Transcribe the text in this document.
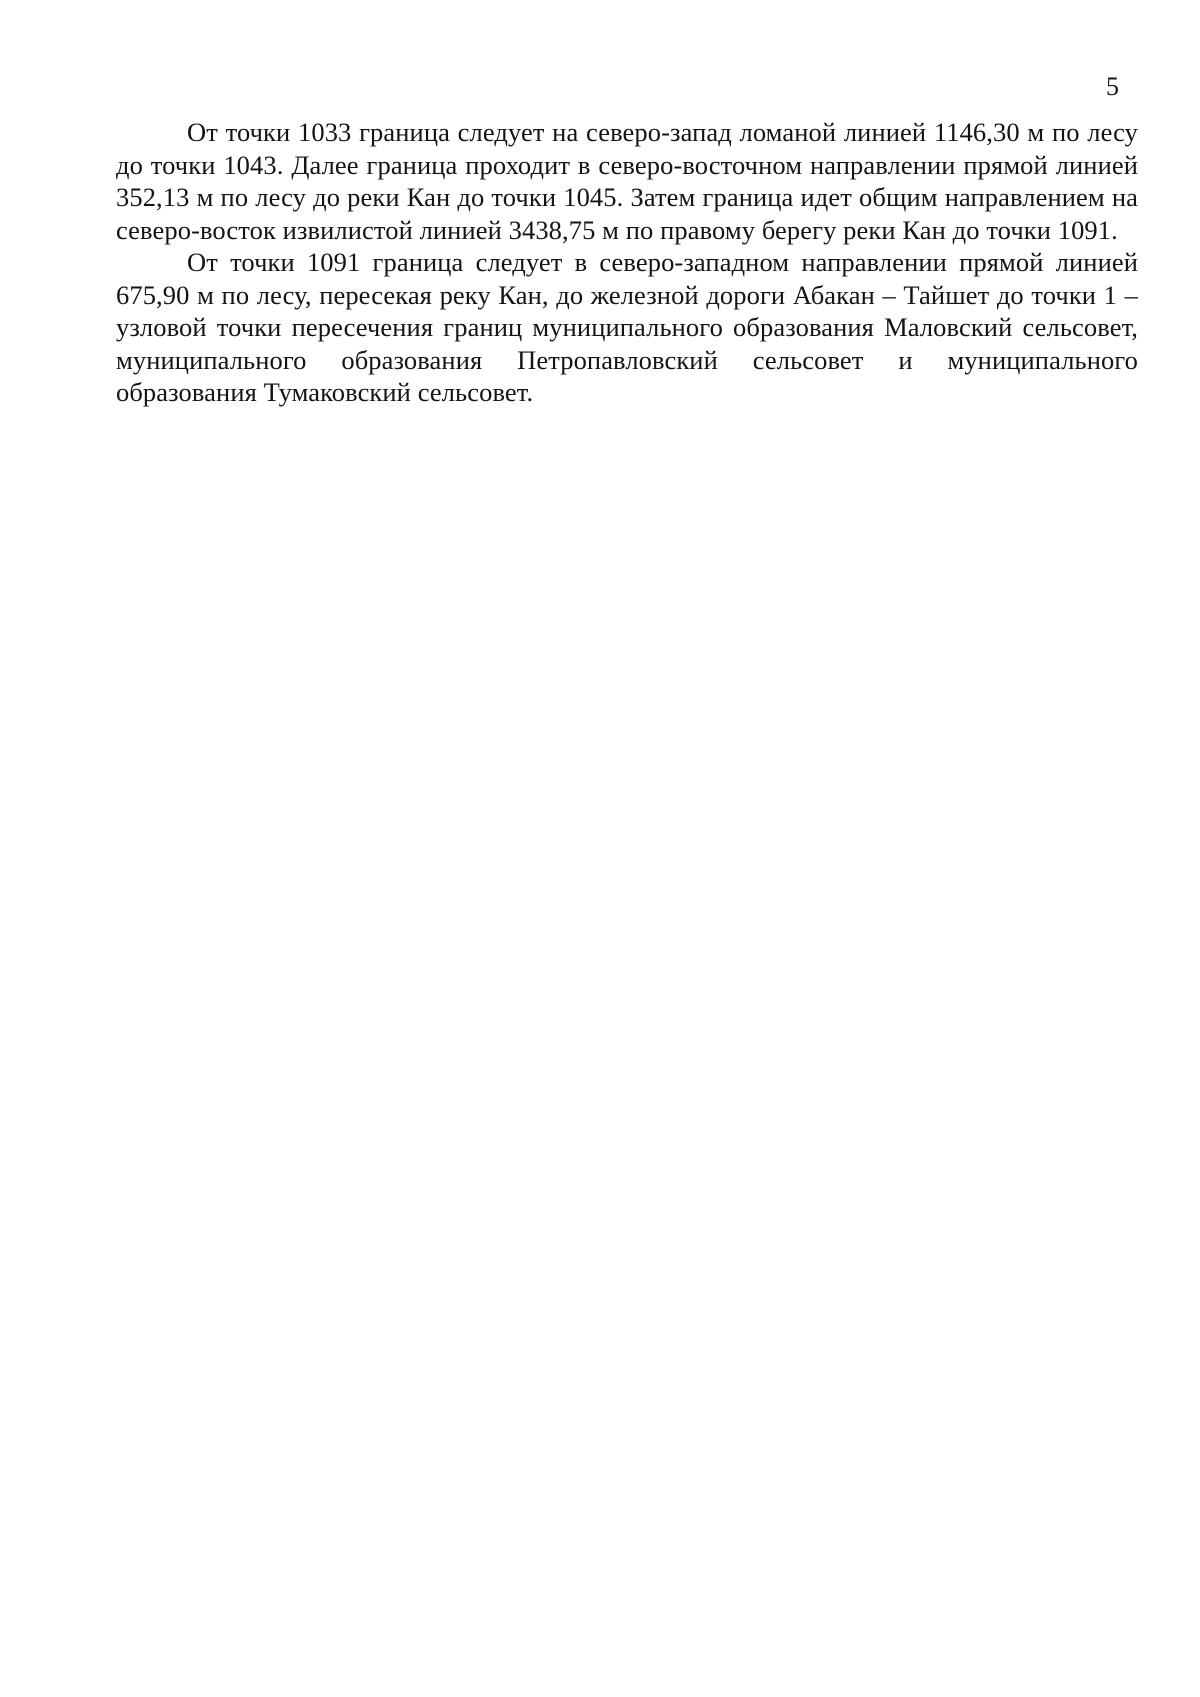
5

От точки 1033 граница следует на северо-запад ломаной линией 1146,30 м по лесу до точки 1043. Далее граница проходит в северо-восточном направлении прямой линией 352,13 м по лесу до реки Кан до точки 1045. Затем граница идет общим направлением на северо-восток извилистой линией 3438,75 м по правому берегу реки Кан до точки 1091.

От точки 1091 граница следует в северо-западном направлении прямой линией 675,90 м по лесу, пересекая реку Кан, до железной дороги Абакан – Тайшет до точки 1 – узловой точки пересечения границ муниципального образования Маловский сельсовет, муниципального образования Петропавловский сельсовет и муниципального образования Тумаковский сельсовет.
